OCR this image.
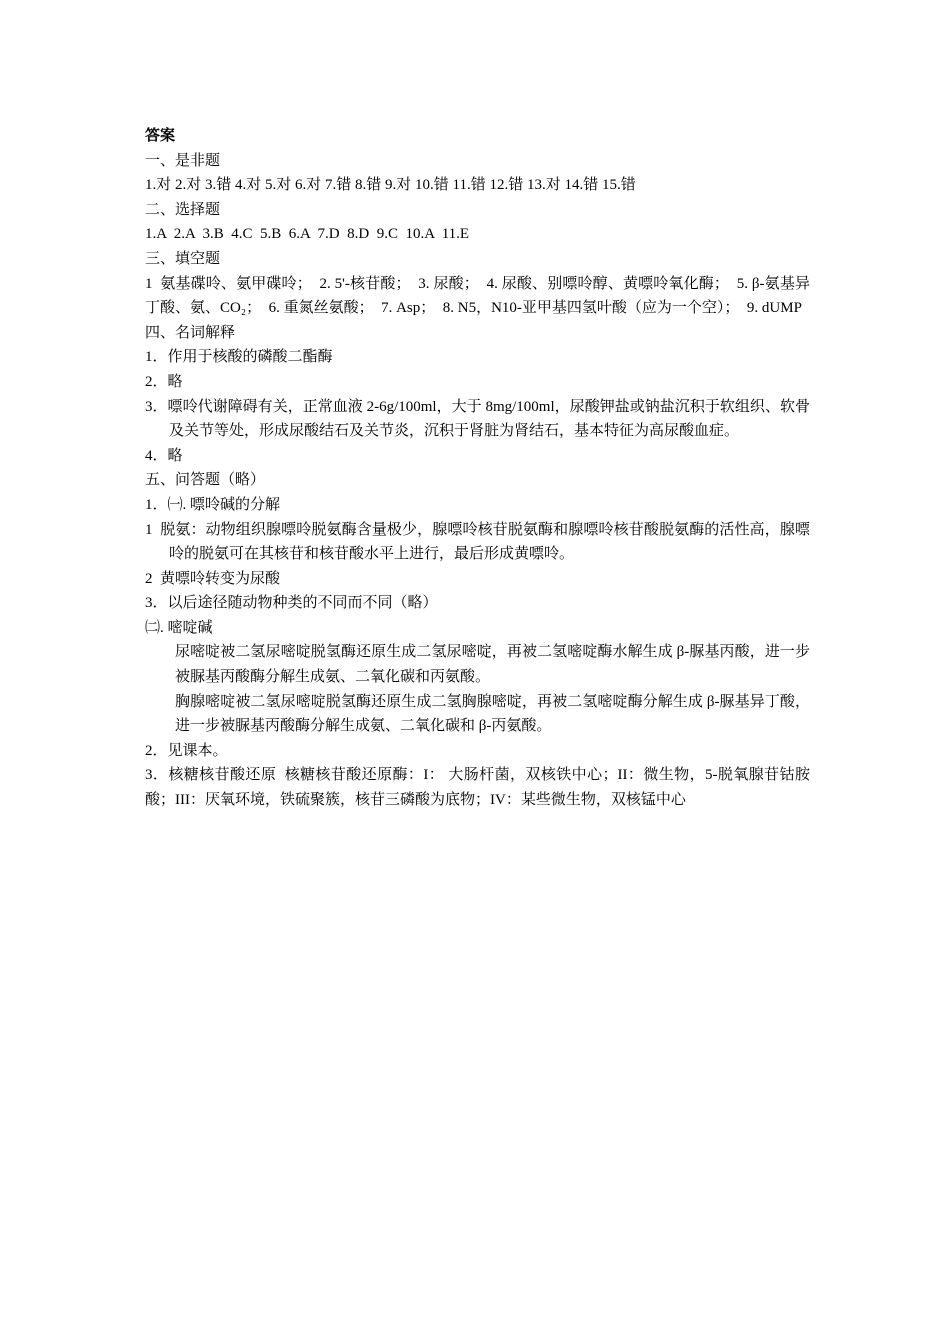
答案
一、是非题
1.对 2.对 3.错 4.对 5.对 6.对 7.错 8.错 9.对 10.错 11.错 12.错 13.对 14.错 15.错
二、选择题
1.A  2.A  3.B  4.C  5.B  6.A  7.D  8.D  9.C  10.A  11.E
三、填空题
1  氨基碟呤、氨甲碟呤；  2. 5'-核苷酸；  3. 尿酸；  4. 尿酸、别嘌呤醇、黄嘌呤氧化酶；  5. β-氨基异丁酸、氨、CO₂；  6. 重氮丝氨酸；  7. Asp；  8. N5，N10-亚甲基四氢叶酸（应为一个空）；  9. dUMP
四、名词解释
1．作用于核酸的磷酸二酯酶
2．略
3．嘌呤代谢障碍有关，正常血液 2-6g/100ml，大于 8mg/100ml，尿酸钾盐或钠盐沉积于软组织、软骨及关节等处，形成尿酸结石及关节炎，沉积于肾脏为肾结石，基本特征为高尿酸血症。
4．略
五、问答题（略）
1．㈠. 嘌呤碱的分解
1  脱氨：动物组织腺嘌呤脱氨酶含量极少，腺嘌呤核苷脱氨酶和腺嘌呤核苷酸脱氨酶的活性高，腺嘌呤的脱氨可在其核苷和核苷酸水平上进行，最后形成黄嘌呤。
2  黄嘌呤转变为尿酸
3．以后途径随动物种类的不同而不同（略）
㈡. 嘧啶碱
尿嘧啶被二氢尿嘧啶脱氢酶还原生成二氢尿嘧啶，再被二氢嘧啶酶水解生成 β-脲基丙酸，进一步被脲基丙酸酶分解生成氨、二氧化碳和丙氨酸。
胸腺嘧啶被二氢尿嘧啶脱氢酶还原生成二氢胸腺嘧啶，再被二氢嘧啶酶分解生成 β-脲基异丁酸，进一步被脲基丙酸酶分解生成氨、二氧化碳和 β-丙氨酸。
2．见课本。
3．核糖核苷酸还原  核糖核苷酸还原酶：I： 大肠杆菌，双核铁中心；II：微生物，5-脱氧腺苷钴胺酸；III：厌氧环境，铁硫聚簇，核苷三磷酸为底物；IV：某些微生物，双核锰中心
